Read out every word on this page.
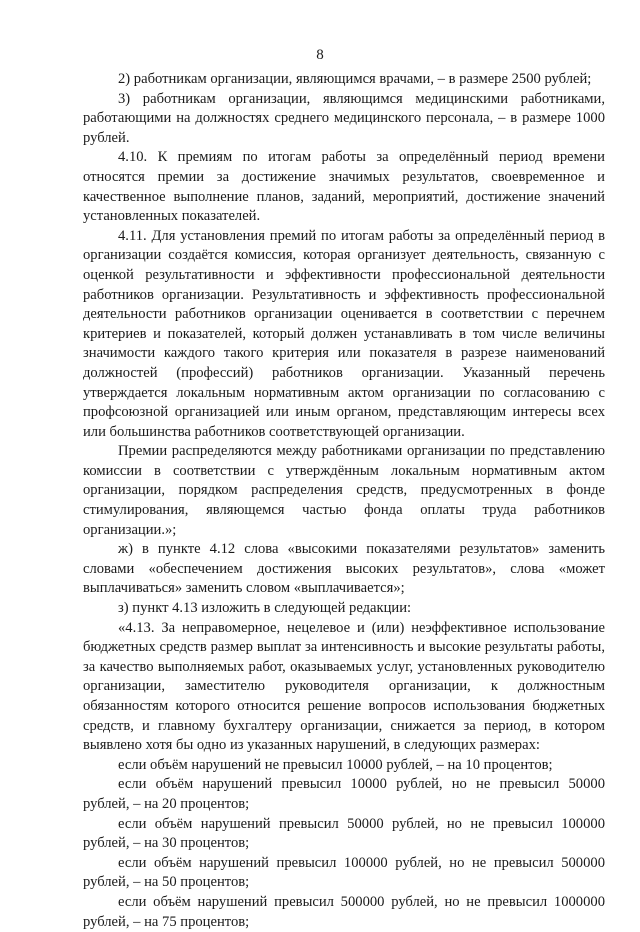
8

2) работникам организации, являющимся врачами, – в размере 2500 рублей;

3) работникам организации, являющимся медицинскими работниками, работающими на должностях среднего медицинского персонала, – в размере 1000 рублей.

4.10. К премиям по итогам работы за определённый период времени относятся премии за достижение значимых результатов, своевременное и качественное выполнение планов, заданий, мероприятий, достижение значений установленных показателей.

4.11. Для установления премий по итогам работы за определённый период в организации создаётся комиссия, которая организует деятельность, связанную с оценкой результативности и эффективности профессиональной деятельности работников организации. Результативность и эффективность профессиональной деятельности работников организации оценивается в соответствии с перечнем критериев и показателей, который должен устанавливать в том числе величины значимости каждого такого критерия или показателя в разрезе наименований должностей (профессий) работников организации. Указанный перечень утверждается локальным нормативным актом организации по согласованию с профсоюзной организацией или иным органом, представляющим интересы всех или большинства работников соответствующей организации.

Премии распределяются между работниками организации по представлению комиссии в соответствии с утверждённым локальным нормативным актом организации, порядком распределения средств, предусмотренных в фонде стимулирования, являющемся частью фонда оплаты труда работников организации.»;

ж) в пункте 4.12 слова «высокими показателями результатов» заменить словами «обеспечением достижения высоких результатов», слова «может выплачиваться» заменить словом «выплачивается»;

з) пункт 4.13 изложить в следующей редакции:

«4.13. За неправомерное, нецелевое и (или) неэффективное использование бюджетных средств размер выплат за интенсивность и высокие результаты работы, за качество выполняемых работ, оказываемых услуг, установленных руководителю организации, заместителю руководителя организации, к должностным обязанностям которого относится решение вопросов использования бюджетных средств, и главному бухгалтеру организации, снижается за период, в котором выявлено хотя бы одно из указанных нарушений, в следующих размерах:

если объём нарушений не превысил 10000 рублей, – на 10 процентов;

если объём нарушений превысил 10000 рублей, но не превысил 50000 рублей, – на 20 процентов;

если объём нарушений превысил 50000 рублей, но не превысил 100000 рублей, – на 30 процентов;

если объём нарушений превысил 100000 рублей, но не превысил 500000 рублей, – на 50 процентов;

если объём нарушений превысил 500000 рублей, но не превысил 1000000 рублей, – на 75 процентов;
